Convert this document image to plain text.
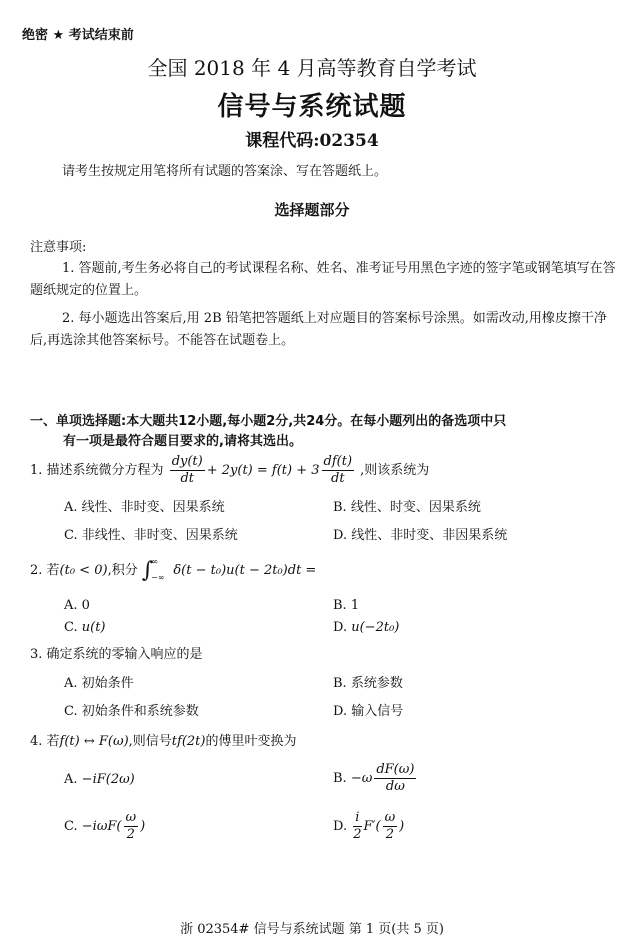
绝密 ★ 考试结束前
全国 2018 年 4 月高等教育自学考试
信号与系统试题
课程代码:02354
请考生按规定用笔将所有试题的答案涂、写在答题纸上。
选择题部分
注意事项:
1. 答题前,考生务必将自己的考试课程名称、姓名、准考证号用黑色字迹的签字笔或钢笔填写在答题纸规定的位置上。
2. 每小题选出答案后,用 2B 铅笔把答题纸上对应题目的答案标号涂黑。如需改动,用橡皮擦干净后,再选涂其他答案标号。不能答在试题卷上。
一、单项选择题:本大题共12小题,每小题2分,共24分。在每小题列出的备选项中只
有一项是最符合题目要求的,请将其选出。
1. 描述系统微分方程为 $\frac{dy(t)}{dt} + 2y(t) = f(t) + 3 \frac{df(t)}{dt}$ ,则该系统为
A. 线性、非时变、因果系统	B. 线性、时变、因果系统
C. 非线性、非时变、因果系统	D. 线性、非时变、非因果系统
2. 若(t₀ < 0),积分 $\int^\infty_{-\infty}$ δ(t − t₀)u(t − 2t₀)dt =
A. 0	B. 1
C. u(t)	D. u(−2t₀)
3. 确定系统的零输入响应的是
A. 初始条件	B. 系统参数
C. 初始条件和系统参数	D. 输入信号
4. 若f(t) ↔ F(ω),则信号tf(2t)的傅里叶变换为
A. −iF(2ω)	B. $-\omega \frac{dF(\omega)}{d\omega}$
C. $-i\omega F( \frac{\omega}{2}$ )	D. $\frac{i}{2} F'( \frac{\omega}{2}$ )
浙 02354# 信号与系统试题 第 1 页(共 5 页)
